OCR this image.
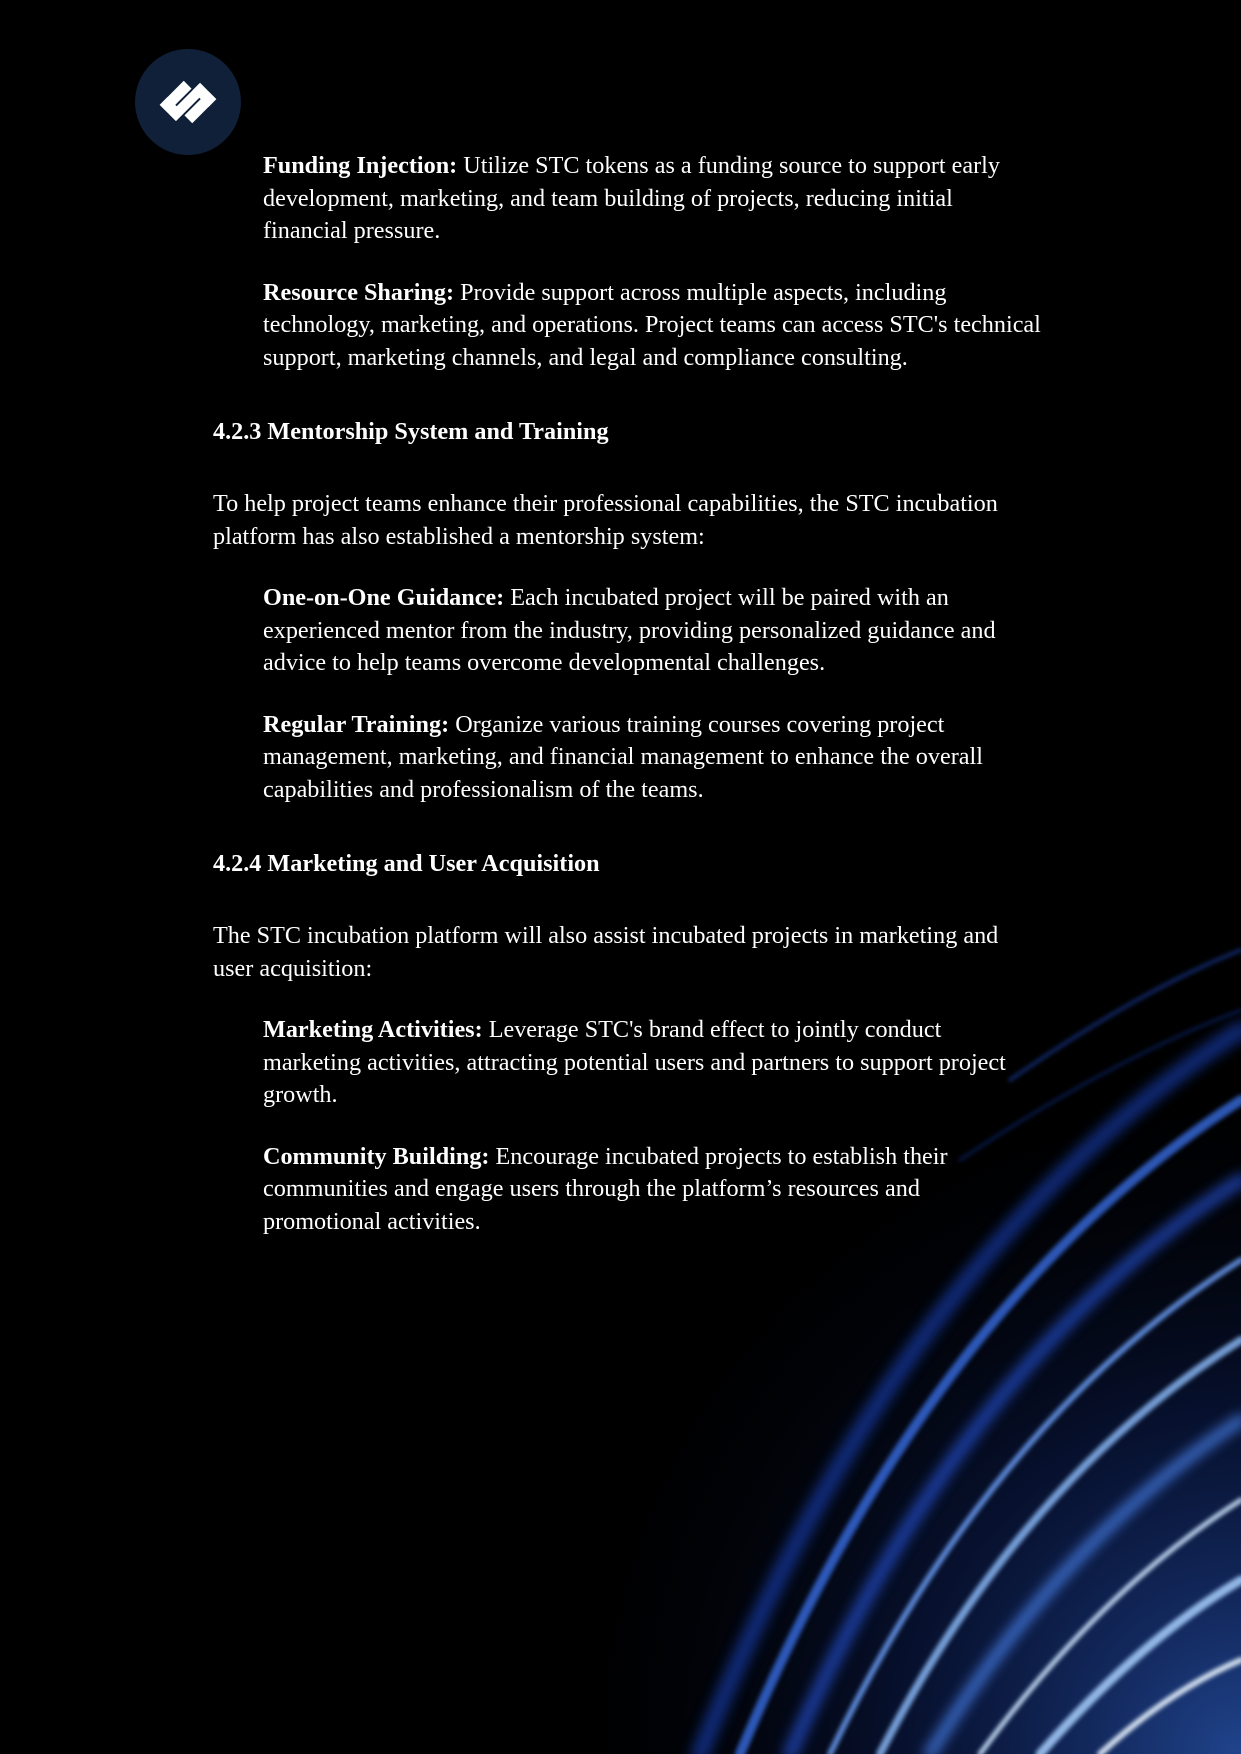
Funding Injection: Utilize STC tokens as a funding source to support early development, marketing, and team building of projects, reducing initial financial pressure.
Resource Sharing: Provide support across multiple aspects, including technology, marketing, and operations. Project teams can access STC's technical support, marketing channels, and legal and compliance consulting.
4.2.3 Mentorship System and Training
To help project teams enhance their professional capabilities, the STC incubation platform has also established a mentorship system:
One-on-One Guidance: Each incubated project will be paired with an experienced mentor from the industry, providing personalized guidance and advice to help teams overcome developmental challenges.
Regular Training: Organize various training courses covering project management, marketing, and financial management to enhance the overall capabilities and professionalism of the teams.
4.2.4 Marketing and User Acquisition
The STC incubation platform will also assist incubated projects in marketing and user acquisition:
Marketing Activities: Leverage STC's brand effect to jointly conduct marketing activities, attracting potential users and partners to support project growth.
Community Building: Encourage incubated projects to establish their communities and engage users through the platform’s resources and promotional activities.
